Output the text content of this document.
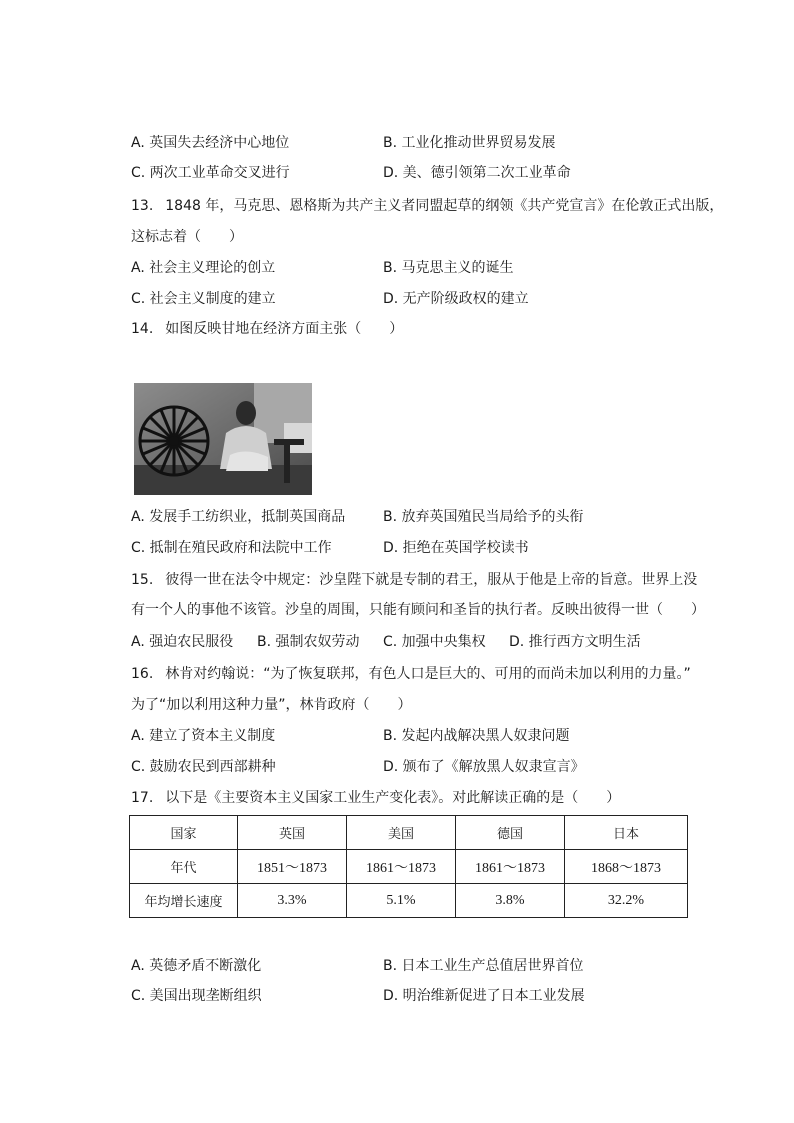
A. 英国失去经济中心地位	B. 工业化推动世界贸易发展
C. 两次工业革命交叉进行	D. 美、德引领第二次工业革命
13. 1848 年，马克思、恩格斯为共产主义者同盟起草的纲领《共产党宣言》在伦敦正式出版，
这标志着（　　）
A. 社会主义理论的创立	B. 马克思主义的诞生
C. 社会主义制度的建立	D. 无产阶级政权的建立
14. 如图反映甘地在经济方面主张（　　）
A. 发展手工纺织业，抵制英国商品	B. 放弃英国殖民当局给予的头衔
C. 抵制在殖民政府和法院中工作	D. 拒绝在英国学校读书
15. 彼得一世在法令中规定：沙皇陛下就是专制的君王，服从于他是上帝的旨意。世界上没
有一个人的事他不该管。沙皇的周围，只能有顾问和圣旨的执行者。反映出彼得一世（　　）
A. 强迫农民服役 B. 强制农奴劳动 C. 加强中央集权 D. 推行西方文明生活
16. 林肯对约翰说：“为了恢复联邦，有色人口是巨大的、可用的而尚未加以利用的力量。”
为了“加以利用这种力量”，林肯政府（　　）
A. 建立了资本主义制度	B. 发起内战解决黑人奴隶问题
C. 鼓励农民到西部耕种	D. 颁布了《解放黑人奴隶宣言》
17. 以下是《主要资本主义国家工业生产变化表》。对此解读正确的是（　　）
国家	英国	美国	德国	日本
年代	1851～1873	1861～1873	1861～1873	1868～1873
年均增长速度	3.3%	5.1%	3.8%	32.2%
A. 英德矛盾不断激化	B. 日本工业生产总值居世界首位
C. 美国出现垄断组织	D. 明治维新促进了日本工业发展
